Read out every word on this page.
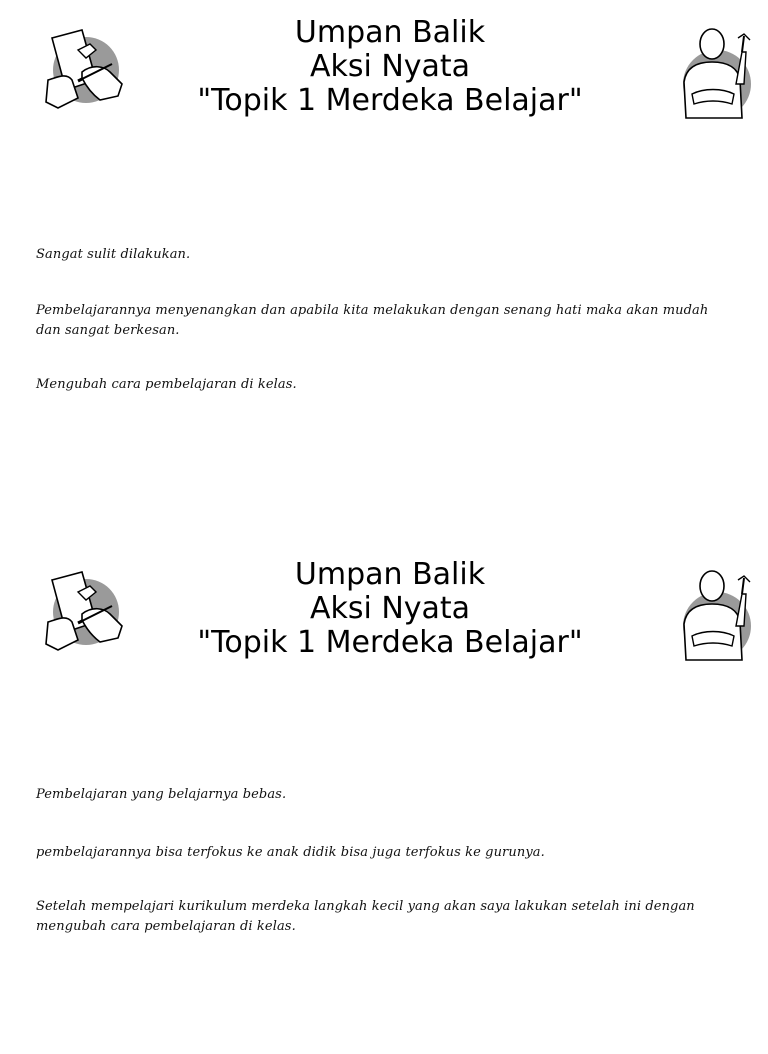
Umpan Balik
Aksi Nyata
"Topik 1 Merdeka Belajar"

Sangat sulit dilakukan.

Pembelajarannya menyenangkan dan apabila kita melakukan dengan senang hati maka akan mudah dan sangat berkesan.

Mengubah cara pembelajaran di kelas.

Umpan Balik
Aksi Nyata
"Topik 1 Merdeka Belajar"

Pembelajaran yang belajarnya bebas.

pembelajarannya bisa terfokus ke anak didik bisa juga terfokus ke gurunya.

Setelah mempelajari kurikulum merdeka langkah kecil yang akan saya lakukan setelah ini dengan mengubah cara pembelajaran di kelas.
